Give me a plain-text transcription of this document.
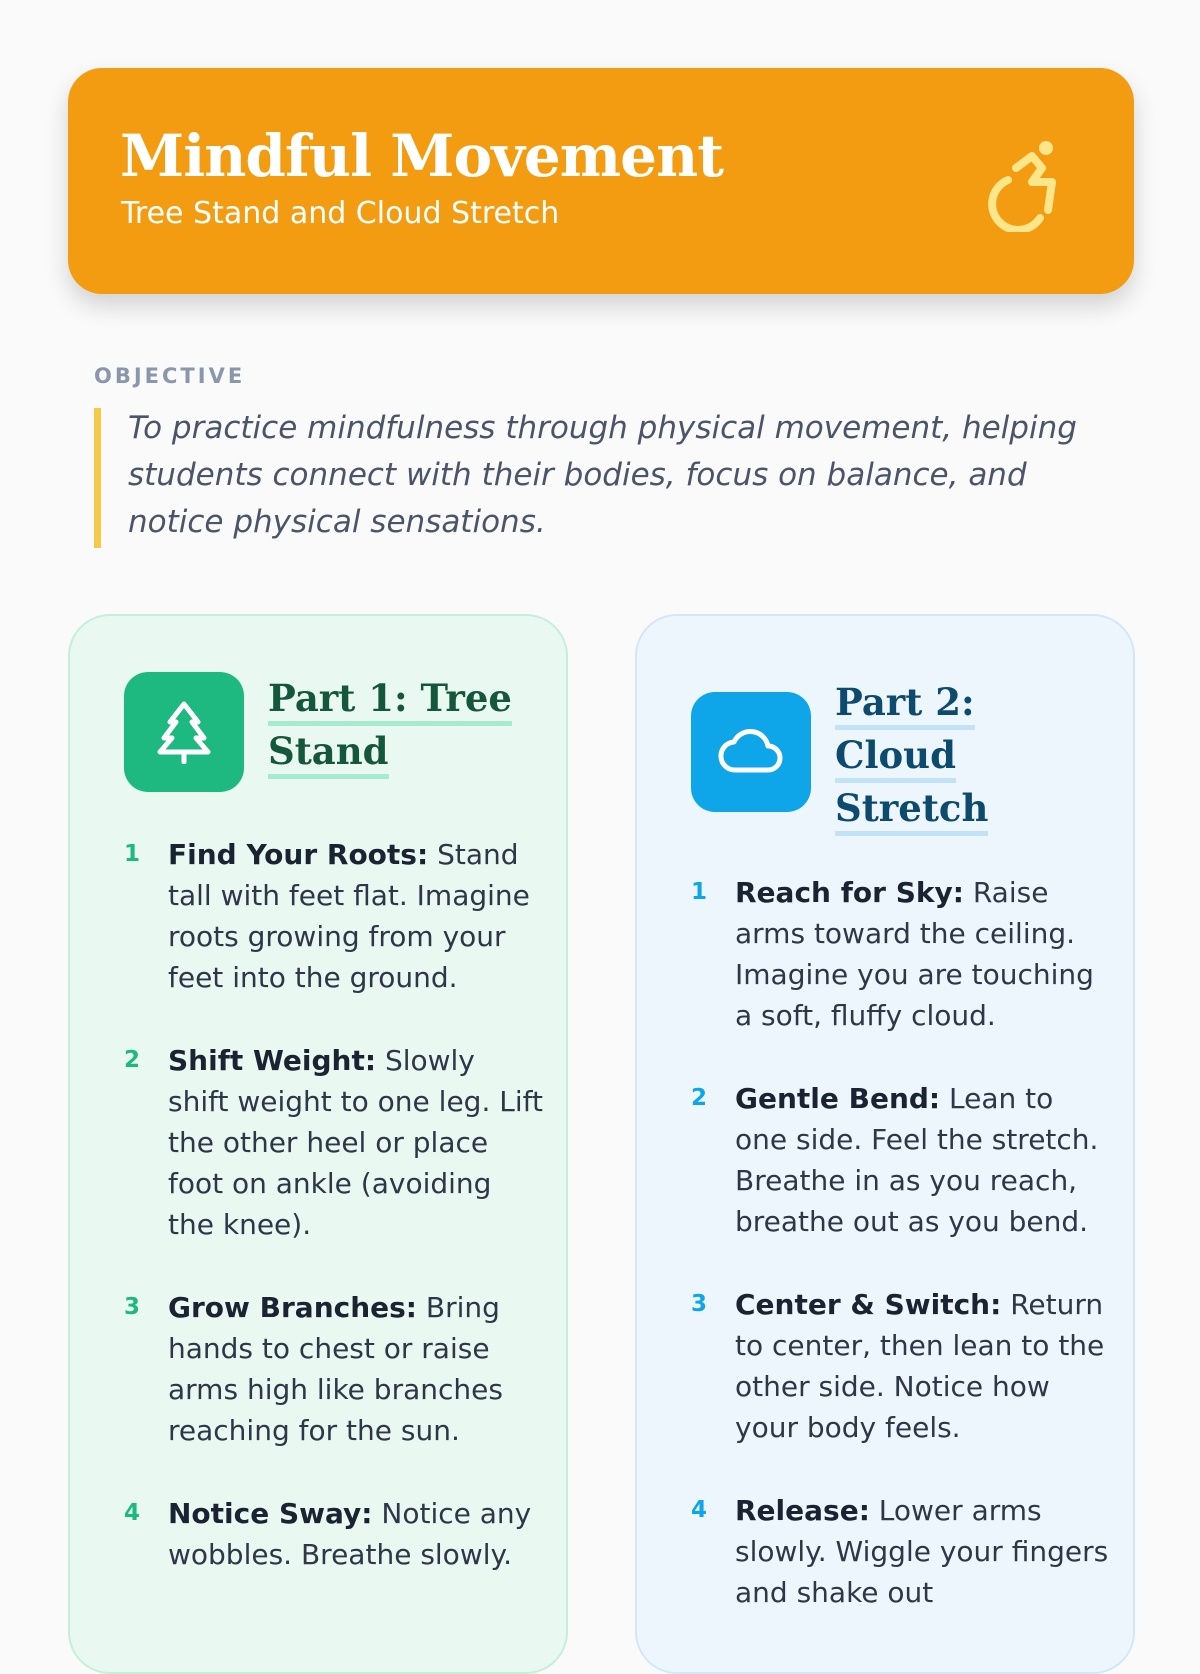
Mindful Movement
Tree Stand and Cloud Stretch
OBJECTIVE
To practice mindfulness through physical movement, helping students connect with their bodies, focus on balance, and notice physical sensations.
Part 1: Tree Stand
1 Find Your Roots: Stand tall with feet flat. Imagine roots growing from your feet into the ground.
2 Shift Weight: Slowly shift weight to one leg. Lift the other heel or place foot on ankle (avoiding the knee).
3 Grow Branches: Bring hands to chest or raise arms high like branches reaching for the sun.
4 Notice Sway: Notice any wobbles. Breathe slowly.
Part 2: Cloud Stretch
1 Reach for Sky: Raise arms toward the ceiling. Imagine you are touching a soft, fluffy cloud.
2 Gentle Bend: Lean to one side. Feel the stretch. Breathe in as you reach, breathe out as you bend.
3 Center & Switch: Return to center, then lean to the other side. Notice how your body feels.
4 Release: Lower arms slowly. Wiggle your fingers and shake out
